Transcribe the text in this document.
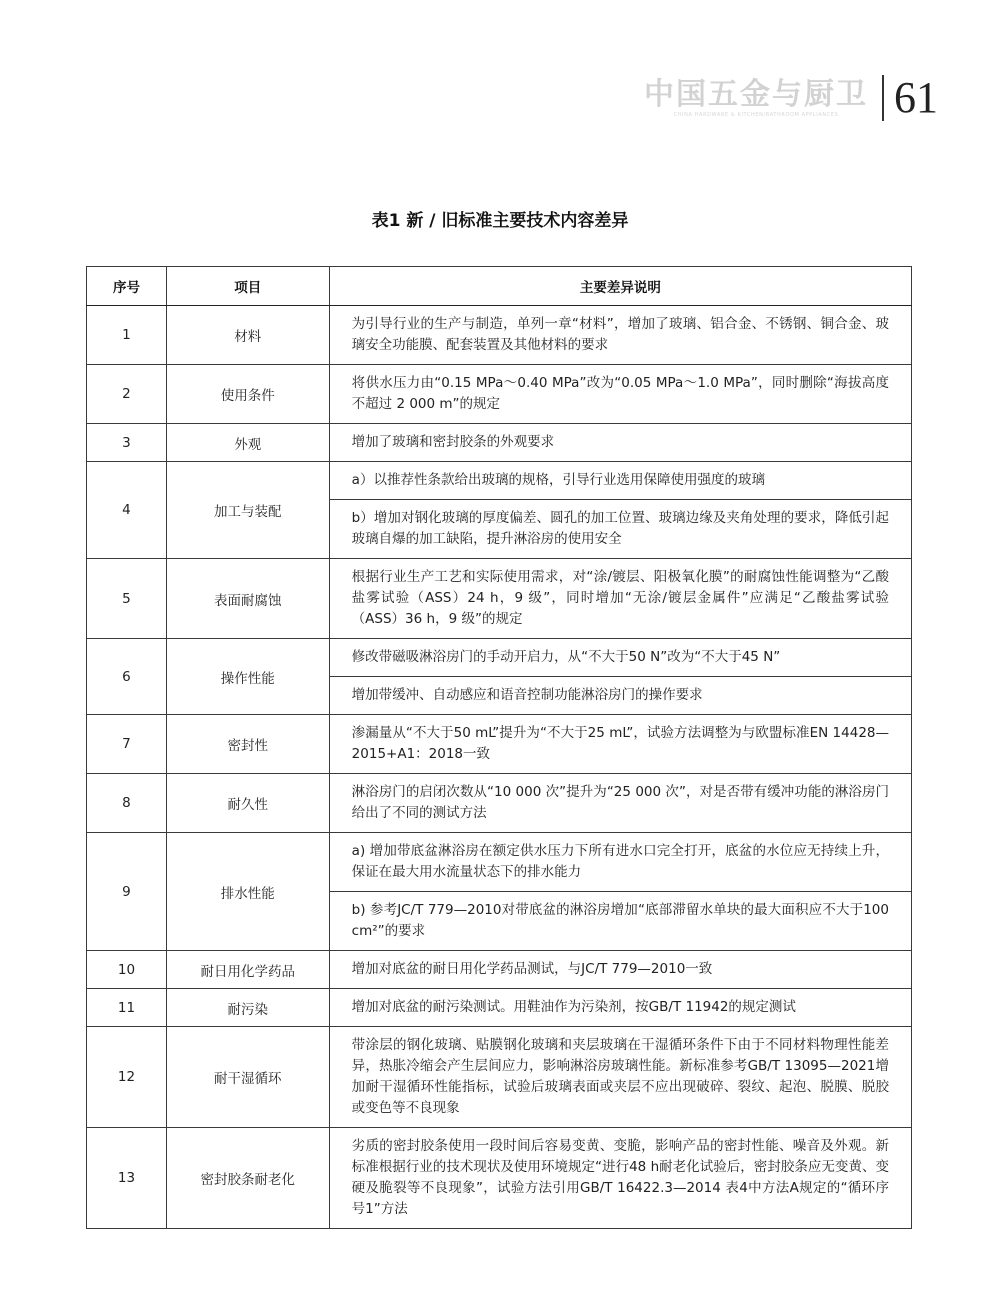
中国五金与厨卫
CHINA HARDWARE & KITCHEN/BATHROOM APPLIANCES 61
表1 新 / 旧标准主要技术内容差异
序号	项目	主要差异说明
1	材料	为引导行业的生产与制造，单列一章“材料”，增加了玻璃、铝合金、不锈钢、铜合金、玻璃安全功能膜、配套装置及其他材料的要求
2	使用条件	将供水压力由“0.15 MPa～0.40 MPa”改为“0.05 MPa～1.0 MPa”，同时删除“海拔高度不超过 2 000 m”的规定
3	外观	增加了玻璃和密封胶条的外观要求
4	加工与装配	a）以推荐性条款给出玻璃的规格，引导行业选用保障使用强度的玻璃
		b）增加对钢化玻璃的厚度偏差、圆孔的加工位置、玻璃边缘及夹角处理的要求，降低引起玻璃自爆的加工缺陷，提升淋浴房的使用安全
5	表面耐腐蚀	根据行业生产工艺和实际使用需求，对“涂/镀层、阳极氧化膜”的耐腐蚀性能调整为“乙酸盐雾试验（ASS）24 h，9 级”，同时增加“无涂/镀层金属件”应满足“乙酸盐雾试验（ASS）36 h，9 级”的规定
6	操作性能	修改带磁吸淋浴房门的手动开启力，从“不大于50 N”改为“不大于45 N”
		增加带缓冲、自动感应和语音控制功能淋浴房门的操作要求
7	密封性	渗漏量从“不大于50 mL”提升为“不大于25 mL”，试验方法调整为与欧盟标准EN 14428—2015+A1：2018一致
8	耐久性	淋浴房门的启闭次数从“10 000 次”提升为“25 000 次”，对是否带有缓冲功能的淋浴房门给出了不同的测试方法
9	排水性能	a) 增加带底盆淋浴房在额定供水压力下所有进水口完全打开，底盆的水位应无持续上升，保证在最大用水流量状态下的排水能力
		b) 参考JC/T 779—2010对带底盆的淋浴房增加“底部滞留水单块的最大面积应不大于100 cm²”的要求
10	耐日用化学药品	增加对底盆的耐日用化学药品测试，与JC/T 779—2010一致
11	耐污染	增加对底盆的耐污染测试。用鞋油作为污染剂，按GB/T 11942的规定测试
12	耐干湿循环	带涂层的钢化玻璃、贴膜钢化玻璃和夹层玻璃在干湿循环条件下由于不同材料物理性能差异，热胀冷缩会产生层间应力，影响淋浴房玻璃性能。新标准参考GB/T 13095—2021增加耐干湿循环性能指标，试验后玻璃表面或夹层不应出现破碎、裂纹、起泡、脱膜、脱胶或变色等不良现象
13	密封胶条耐老化	劣质的密封胶条使用一段时间后容易变黄、变脆，影响产品的密封性能、噪音及外观。新标准根据行业的技术现状及使用环境规定“进行48 h耐老化试验后，密封胶条应无变黄、变硬及脆裂等不良现象”，试验方法引用GB/T 16422.3—2014 表4中方法A规定的“循环序号1”方法
